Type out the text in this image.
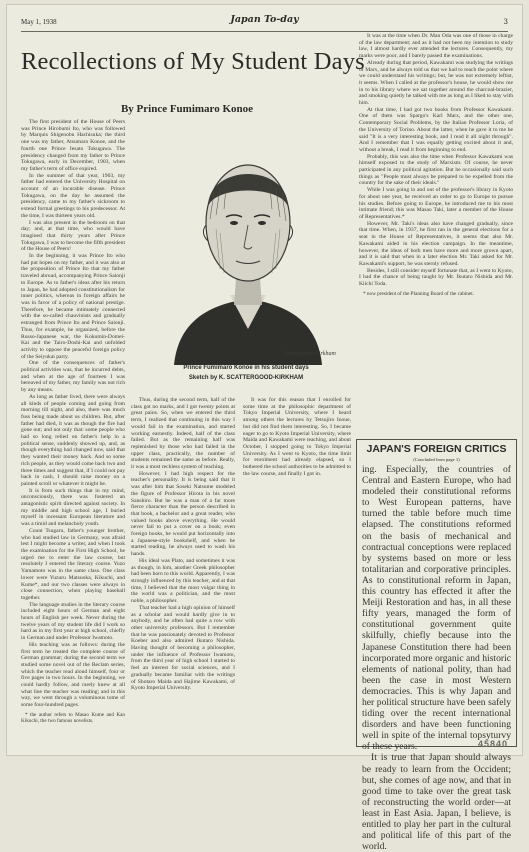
May 1, 1938	Japan To-day	3
Recollections of My Student Days
By Prince Fumimaro Konoe

The first president of the House of Peers was Prince Hirobumi Ito, who was followed by Marquis Shigenobu Hachisuka; the third one was my father, Atsumaro Konoe, and the fourth one Prince Iesato Tokugawa. The presidency changed from my father to Prince Tokugawa, early in December, 1903, when my father's term of office expired.

In the summer of that year, 1903, my father had entered the University Hospital on account of an incurable disease. Prince Tokugawa, on the day he assumed the presidency, came to my father's sickroom to extend formal greetings to his predecessor. At the time, I was thirteen years old.

I was also present in the bedroom on that day; and, at that time, who would have imagined that thirty years after Prince Tokugawa, I was to become the fifth president of the House of Peers!

In the beginning, it was Prince Ito who had put hopes on my father, and it was also at the proposition of Prince Ito that my father traveled abroad, accompanying Prince Saionji to Europe. As to father's ideas after his return to Japan, he had adopted constitutionalism for inner politics, whereas in foreign affairs he was in favor of a policy of national prestige. Therefore, he became intimately connected with the so-called chauvinists and gradually estranged from Prince Ito and Prince Saionji. Thus, for example, he organized, before the Russo-Japanese war, the Kokumin-Domei-Kai and the Tairo-Doshi-Kai and unfolded activity to oppose the peaceful foreign policy of the Seiyukai party.

One of the consequences of father's political activities was, that he incurred debts, and when at the age of fourteen I was bereaved of my father, my family was not rich by any means.

As long as father lived, there were always all kinds of people coming and going from morning till night, and also, there was much fuss being made about us children. But, after father had died, it was as though the fire had gone out; and not only that: some people who had so long relied on father's help in a political sense, suddenly showed up, and, as though everything had changed now, said that they wanted their money back. And so some rich people, as they would come back two and three times and suggest that, if I could not pay back in cash, I should raise money on a painted scroll or whatever it might be.

It is from such things that in my mind, unconsciously, there was fostered an antagonistic spirit directed against society. In my middle and high school age, I buried myself in incessant European literature and was a timid and melancholy youth.

Count Tsugaru, father's younger brother, who had studied law in Germany, was afraid lest I might become a writer, and when I took the examination for the First High School, he urged me to enter the law course, but resolutely I entered the literary course. Yuzo Yamamoto was in the same class. One class lower were Yuzuru Matsuoka, Kikuchi, and Kume*, and our two classes were always in close connection, when playing baseball together.

The language studies in the literary course included eight hours of German and eight hours of English per week. Never during the twelve years of my student life did I work so hard as in my first year at high school, chiefly in German and under Professor Iwamoto.

His teaching was as follows: during the first term he treated the complete course of German grammar; during the second term we studied some novel out of the Reclam series, which the teacher read aloud himself, four or five pages in two hours. In the beginning, we could hardly follow, and rarely knew at all what line the teacher was reading; and in this way, we went through a voluminous tome of some four-hundred pages.

* the author refers to Masao Kume and Kan Kikuchi, the two famous novelists.

Scattergood-Kirkham
Prince Fumimaro Konoe in his student days
Sketch by K. SCATTERGOOD-KIRKHAM

Thus, during the second term, half of the class got no marks, and I got twenty points at great pains. So, when we entered the third term, I realized that continuing in this way I would fail in the examination, and started working earnestly. Indeed, half of the class failed. But as the remaining half was replenished by those who had failed in the upper class, practically, the number of students remained the same as before. Really, it was a most reckless system of teaching.

However, I had high respect for the teacher's personality. It is being said that it was after him that Soseki Natsume modeled the figure of Professor Hirota in his novel Sanshiro. But he was a man of a far more fierce character than the person described in that book, a bachelor and a great reader, who valued books above everything. He would never fail to put a cover on a book; even foreign books, he would put horizontally into a Japanese-style bookshelf, and when he started reading, he always used to wash his hands.

His ideal was Plato, and sometimes it was as though, in him, another Greek philosopher had been born to this world. Apparently, I was strongly influenced by this teacher, and at that time, I believed that the most vulgar thing in the world was a politician, and the most noble, a philosopher.

That teacher had a high opinion of himself as a scholar and would hardly give in to anybody, and he often had quite a row with other university professors. But I remember that he was passionately devoted to Professor Koeber and also admired Ikutaro Nishida. Having thought of becoming a philosopher, under the influence of Professor Iwamoto, from the third year of high school I started to feel an interest for social sciences, and I gradually became familiar with the writings of Shotaro Maida and Hajime Kawakami, of Kyoto Imperial University.

It was for this reason that I enrolled for some time at the philosophic department of Tokyo Imperial University, where I heard among others the lectures by Tetsujiro Inoue, but did not find them interesting. So, I became eager to go to Kyoto Imperial University, where Maida and Kawakami were teaching, and about October, I stopped going to Tokyo Imperial University. As I went to Kyoto, the time limit for enrolment had already elapsed, so I bothered the school authorities to be admitted to the law course, and finally I got in.

It was at the time when Dr. Man Oda was one of those in charge of the law department; and as it had not been my intention to study law, I almost hardly ever attended the lectures. Consequently, my marks were poor, and I barely passed the examinations.

Already during that period, Kawakami was studying the writings of Marx, and he always told us that we had to reach the point where we could understand his writings; but, he was not extremely leftist, it seems. When I called at the professor's house, he would show me in to his library where we sat together around the charcoal-brazier, and smoking quietly he talked with me as long as I liked to stay with him.

At that time, I had got two books from Professor Kawakami. One of them was Spargo's Karl Marx, and the other one, Contemporary Social Problems, by the Italian Professor Loria, of the University of Torino. About the latter, when he gave it to me he said "It is a very interesting book, and I read it all night through". And I remember that I was equally getting excited about it and, without a break, I read it from beginning to end.

Probably, this was also the time when Professor Kawakami was himself exposed to the study of Marxism. Of course, he never participated in any political agitation. But he occasionally said such things as "People must always be prepared to be expelled from the country for the sake of their ideals."

While I was going in and out of the professor's library in Kyoto for about one year, he received an order to go to Europe to pursue his studies. Before going to Europe, he introduced me to his most intimate friend; this was Masao Taki, later a member of the House of Representatives.*

However, Mr. Taki's ideas also have changed gradually, since that time. When, in 1937, he first ran in the general elections for a seat in the House of Representatives, it seems that also Mr. Kawakami aided in his election campaign. In the meantime, however, the ideas of both men have more and more grown apart, and it is said that when in a later election Mr. Taki asked for Mr. Kawakami's support, he was sternly refused.

Besides, I still consider myself fortunate that, as I went to Kyoto, I had the chance of being taught by Mr. Ikutaro Nishida and Mr. Kiichi Toda.

* now president of the Planning Board of the cabinet.

JAPAN'S FOREIGN CRITICS
(Concluded from page 1)

ing. Especially, the countries of Central and Eastern Europe, who had modeled their constitutional reforms to West European patterns, have turned the table before much time elapsed. The constitutions reformed on the basis of mechanical and contractual conceptions were replaced by systems based on more or less totalitarian and corporative principles. As to constitutional reform in Japan, this country has effected it after the Meiji Restoration and has, in all these fifty years, managed the form of constitutional government quite skilfully, chiefly because into the Japanese Constitution there had been incorporated more organic and historic elements of national polity, than had been the case in most Western democracies. This is why Japan and her political structure have been safely tiding over the recent international disorders and have been functioning well in spite of the internal topsyturvy of these years.

It is true that Japan should always be ready to learn from the Occident; but, she comes of age now, and that in good time to take over the great task of reconstructing the world order—at least in East Asia. Japan, I believe, is entitled to play her part in the cultural and political life of this part of the world.

45840
